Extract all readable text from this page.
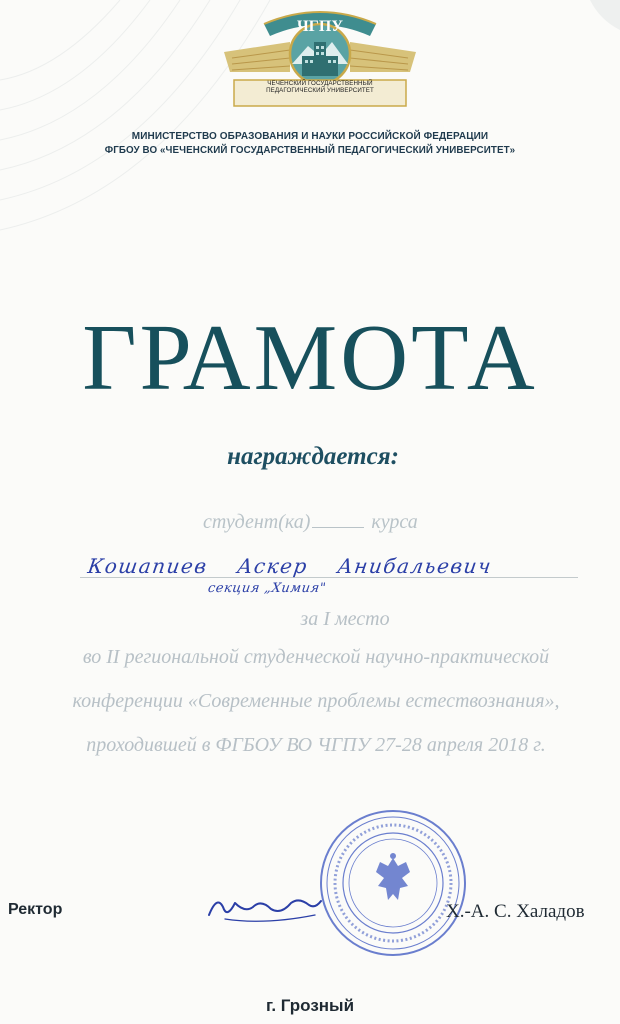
ЧГПУ
ЧЕЧЕНСКИЙ ГОСУДАРСТВЕННЫЙ
ПЕДАГОГИЧЕСКИЙ УНИВЕРСИТЕТ
МИНИСТЕРСТВО ОБРАЗОВАНИЯ И НАУКИ РОССИЙСКОЙ ФЕДЕРАЦИИ
ФГБОУ ВО «ЧЕЧЕНСКИЙ ГОСУДАРСТВЕННЫЙ ПЕДАГОГИЧЕСКИЙ УНИВЕРСИТЕТ»
ГРАМОТА
награждается:
студент(ка)	курса
Кошапиев Аскер Анибальевич
секция „Химия"
за I место
во II региональной студенческой научно-практической
конференции «Современные проблемы естествознания»,
проходившей в ФГБОУ ВО ЧГПУ 27-28 апреля 2018 г.
Ректор	Х.-А. С. Халадов
г. Грозный
